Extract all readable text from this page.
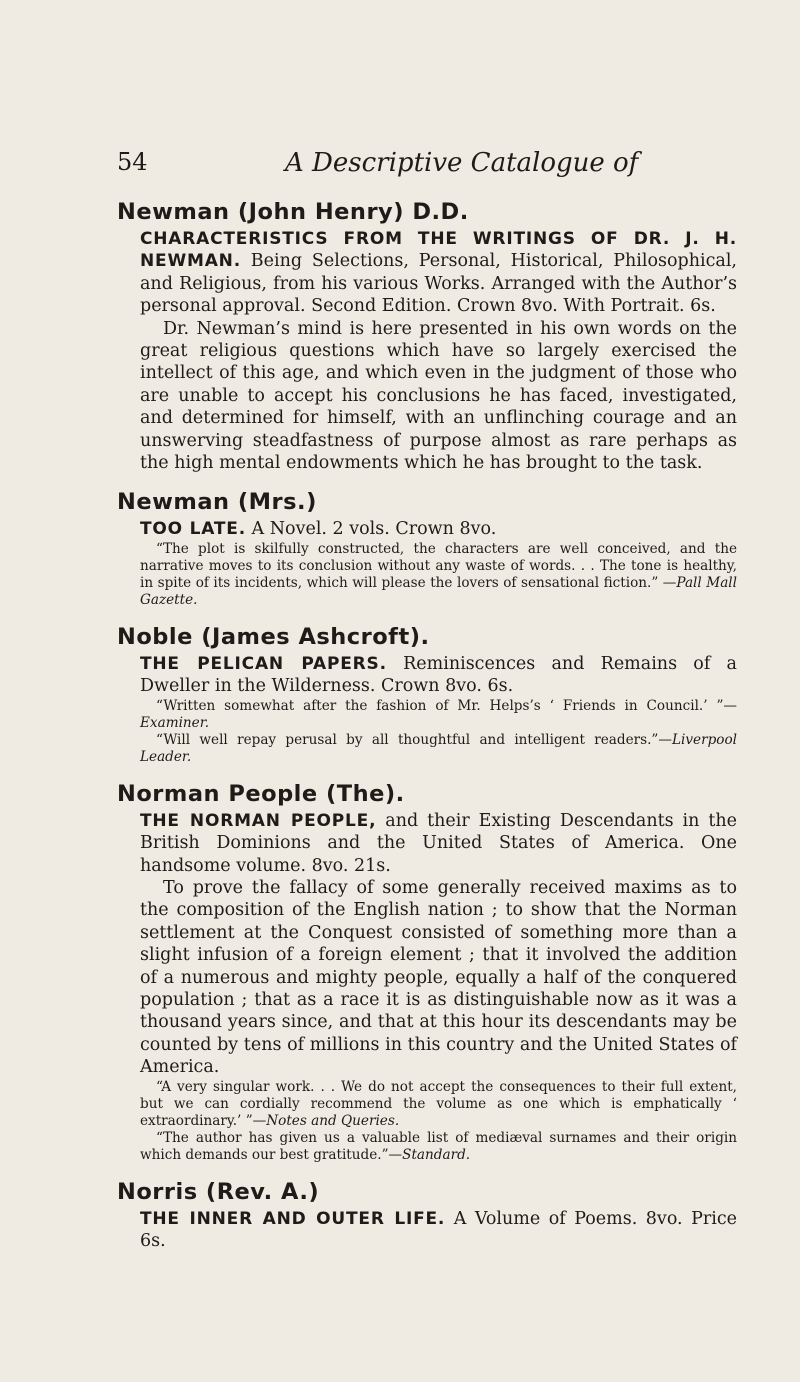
54	A Descriptive Catalogue of
Newman (John Henry) D.D.

CHARACTERISTICS FROM THE WRITINGS OF DR. J. H. NEWMAN. Being Selections, Personal, Historical, Philosophical, and Religious, from his various Works. Arranged with the Author’s personal approval. Second Edition. Crown 8vo. With Portrait. 6s.

Dr. Newman’s mind is here presented in his own words on the great religious questions which have so largely exercised the intellect of this age, and which even in the judgment of those who are unable to accept his conclusions he has faced, investigated, and determined for himself, with an unflinching courage and an unswerving steadfastness of purpose almost as rare perhaps as the high mental endowments which he has brought to the task.

Newman (Mrs.)

TOO LATE. A Novel. 2 vols. Crown 8vo.

“The plot is skilfully constructed, the characters are well conceived, and the narrative moves to its conclusion without any waste of words. . . The tone is healthy, in spite of its incidents, which will please the lovers of sensational fiction.” —Pall Mall Gazette.

Noble (James Ashcroft).

THE PELICAN PAPERS. Reminiscences and Remains of a Dweller in the Wilderness. Crown 8vo. 6s.

“Written somewhat after the fashion of Mr. Helps’s ‘ Friends in Council.’ ”—Examiner.

“Will well repay perusal by all thoughtful and intelligent readers.”—Liverpool Leader.

Norman People (The).

THE NORMAN PEOPLE, and their Existing Descendants in the British Dominions and the United States of America. One handsome volume. 8vo. 21s.

To prove the fallacy of some generally received maxims as to the composition of the English nation ; to show that the Norman settlement at the Conquest consisted of something more than a slight infusion of a foreign element ; that it involved the addition of a numerous and mighty people, equally a half of the conquered population ; that as a race it is as distinguishable now as it was a thousand years since, and that at this hour its descendants may be counted by tens of millions in this country and the United States of America.

“A very singular work. . . We do not accept the consequences to their full extent, but we can cordially recommend the volume as one which is emphatically ‘ extraordinary.’ ”—Notes and Queries.

“The author has given us a valuable list of mediæval surnames and their origin which demands our best gratitude.”—Standard.

Norris (Rev. A.)

THE INNER AND OUTER LIFE. A Volume of Poems. 8vo. Price 6s.
